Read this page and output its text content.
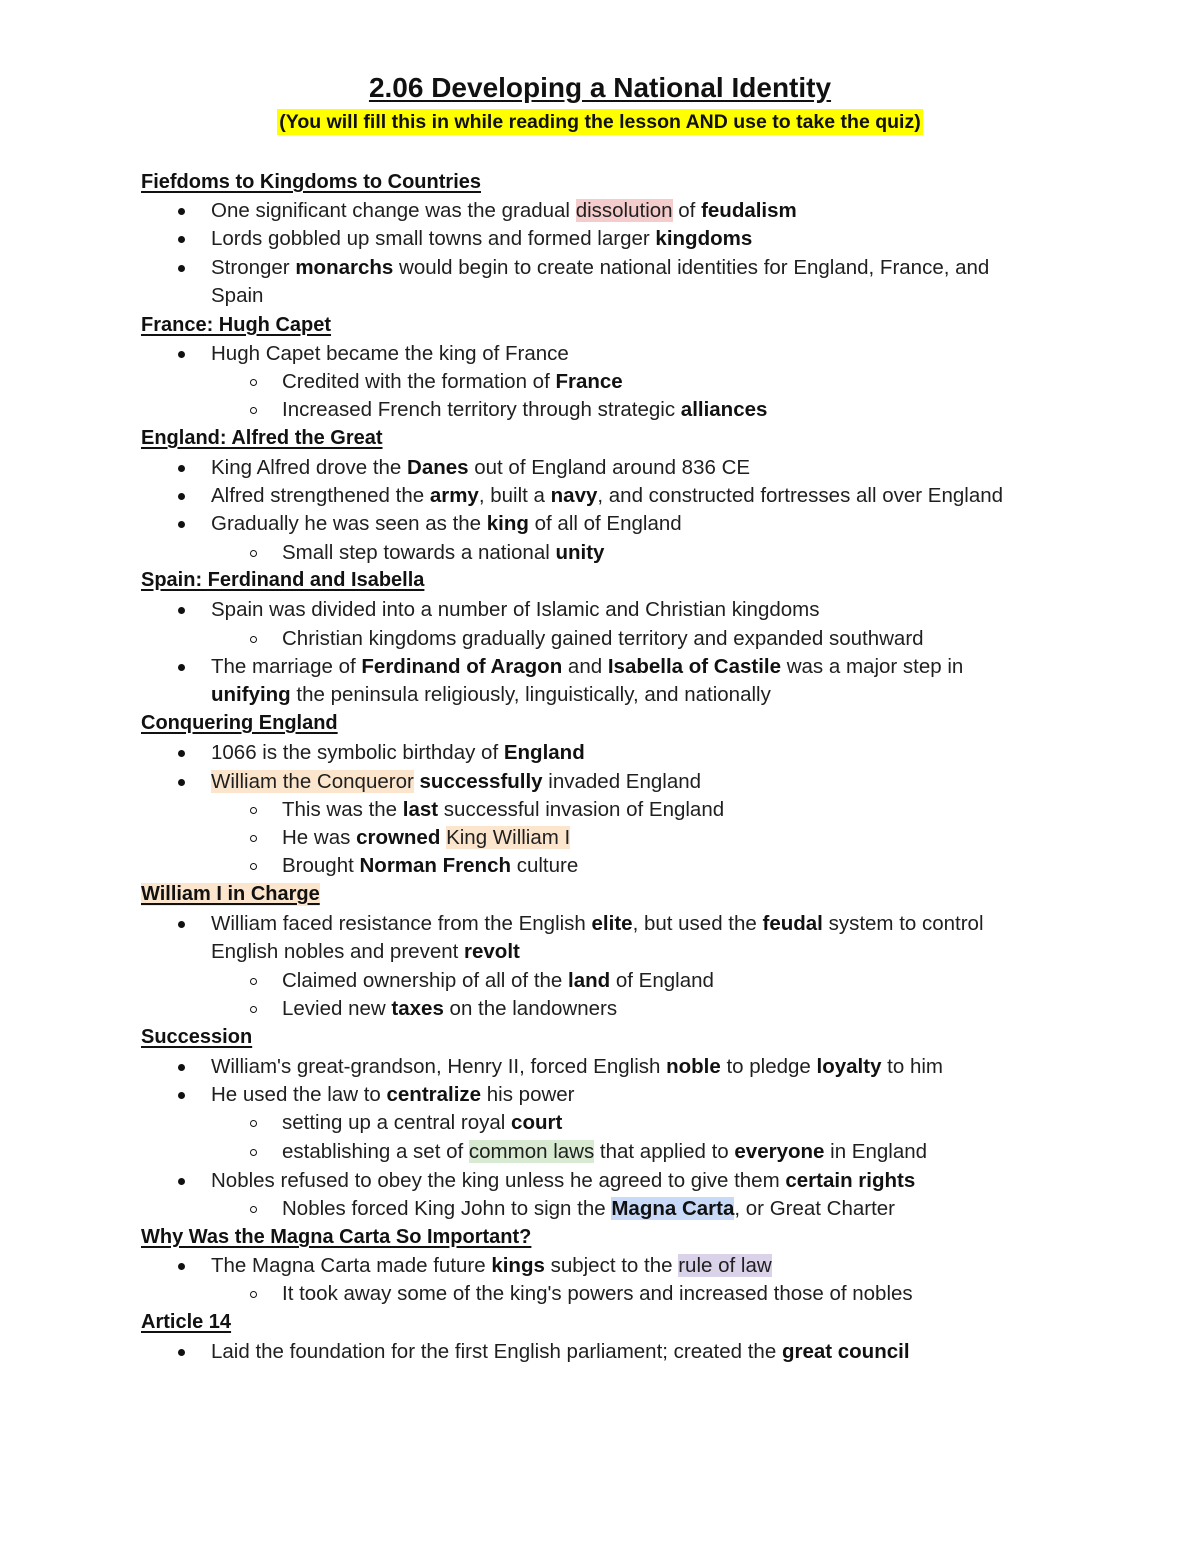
2.06 Developing a National Identity
(You will fill this in while reading the lesson AND use to take the quiz)
Fiefdoms to Kingdoms to Countries
One significant change was the gradual dissolution of feudalism
Lords gobbled up small towns and formed larger kingdoms
Stronger monarchs would begin to create national identities for England, France, and
Spain
France: Hugh Capet
Hugh Capet became the king of France
Credited with the formation of France
Increased French territory through strategic alliances
England: Alfred the Great
King Alfred drove the Danes out of England around 836 CE
Alfred strengthened the army, built a navy, and constructed fortresses all over England
Gradually he was seen as the king of all of England
Small step towards a national unity
Spain: Ferdinand and Isabella
Spain was divided into a number of Islamic and Christian kingdoms
Christian kingdoms gradually gained territory and expanded southward
The marriage of Ferdinand of Aragon and Isabella of Castile was a major step in
unifying the peninsula religiously, linguistically, and nationally
Conquering England
1066 is the symbolic birthday of England
William the Conqueror successfully invaded England
This was the last successful invasion of England
He was crowned King William I
Brought Norman French culture
William I in Charge
William faced resistance from the English elite, but used the feudal system to control
English nobles and prevent revolt
Claimed ownership of all of the land of England
Levied new taxes on the landowners
Succession
William's great-grandson, Henry II, forced English noble to pledge loyalty to him
He used the law to centralize his power
setting up a central royal court
establishing a set of common laws that applied to everyone in England
Nobles refused to obey the king unless he agreed to give them certain rights
Nobles forced King John to sign the Magna Carta, or Great Charter
Why Was the Magna Carta So Important?
The Magna Carta made future kings subject to the rule of law
It took away some of the king's powers and increased those of nobles
Article 14
Laid the foundation for the first English parliament; created the great council
